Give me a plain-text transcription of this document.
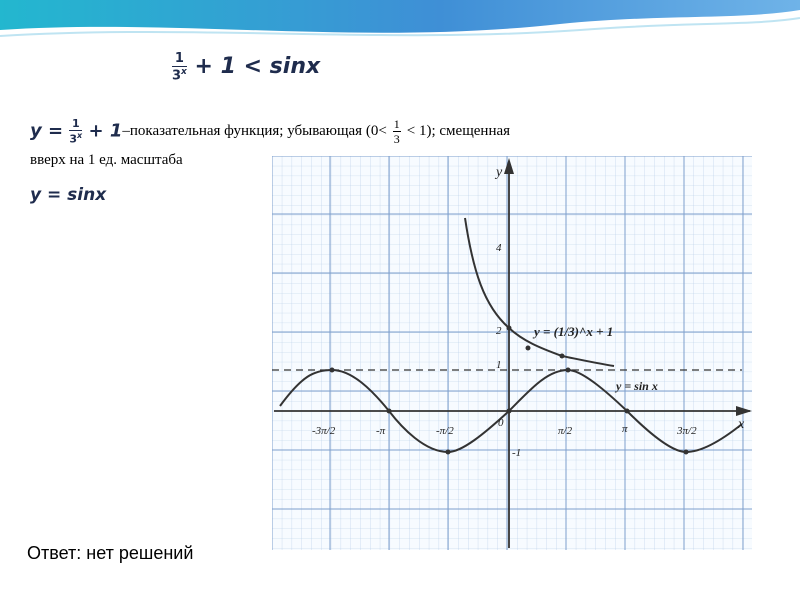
$\frac{1}{3^x} + 1 < \sin x$
$y = \frac{1}{3^x}$ + 1–показательная функция; убывающая $(0< \frac{1}{3} < 1)$; смещенная
вверх на 1 ед. масштаба
y = sinx
y
x
0
4
2
1
-1
-3π/2	-π	-π/2	π/2	π	3π/2
y = (1/3)^x + 1
y = sin x
Ответ: нет решений
